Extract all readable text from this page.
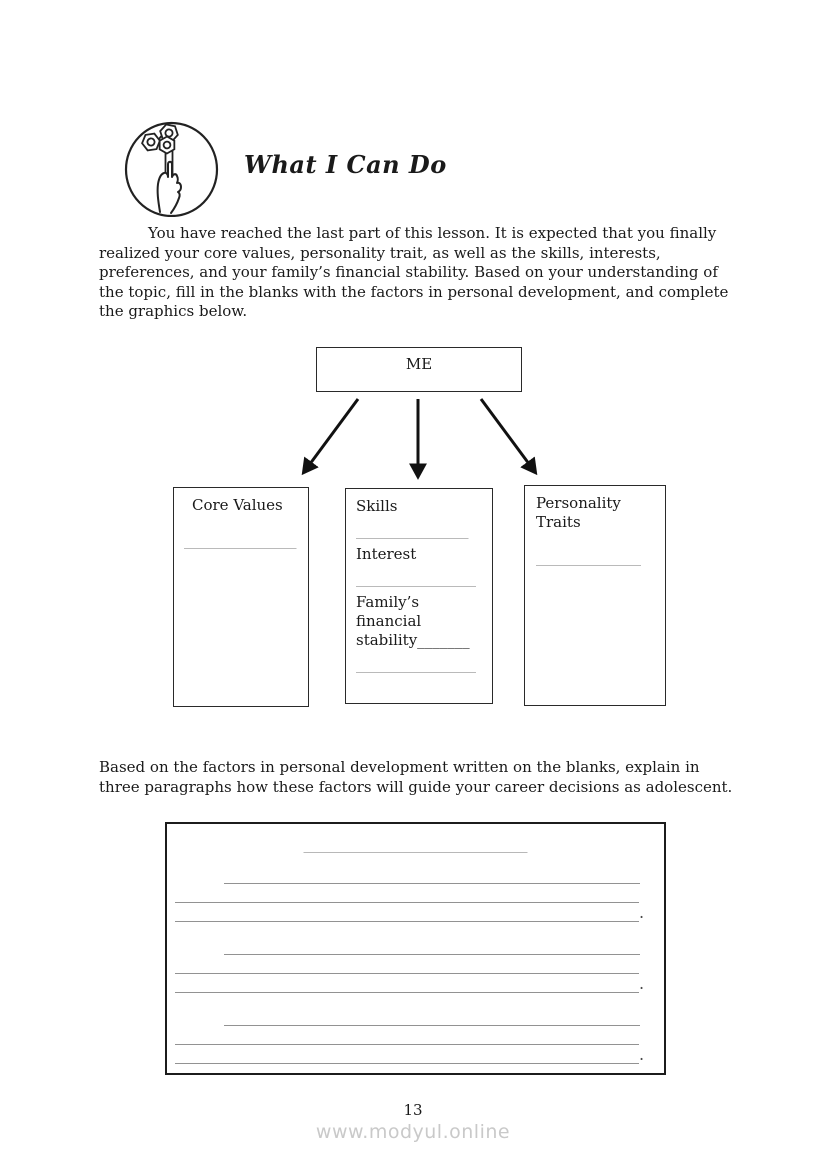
What I Can Do
You have reached the last part of this lesson. It is expected that you finally
realized your core values, personality trait, as well as the skills, interests,
preferences, and your family’s financial stability. Based on your understanding of
the topic, fill in the blanks with the factors in personal development, and complete
the graphics below.
ME
Core Values
_______________
Skills
_______________
Interest
________________
Family’s financial stability_______
________________
Personality Traits
______________
Based on the factors in personal development written on the blanks, explain in
three paragraphs how these factors will guide your career decisions as adolescent.
____________________________
____________________________________________________
__________________________________________________________
__________________________________________________________.
____________________________________________________
__________________________________________________________
__________________________________________________________.
____________________________________________________
__________________________________________________________
__________________________________________________________.
13
www.modyul.online
